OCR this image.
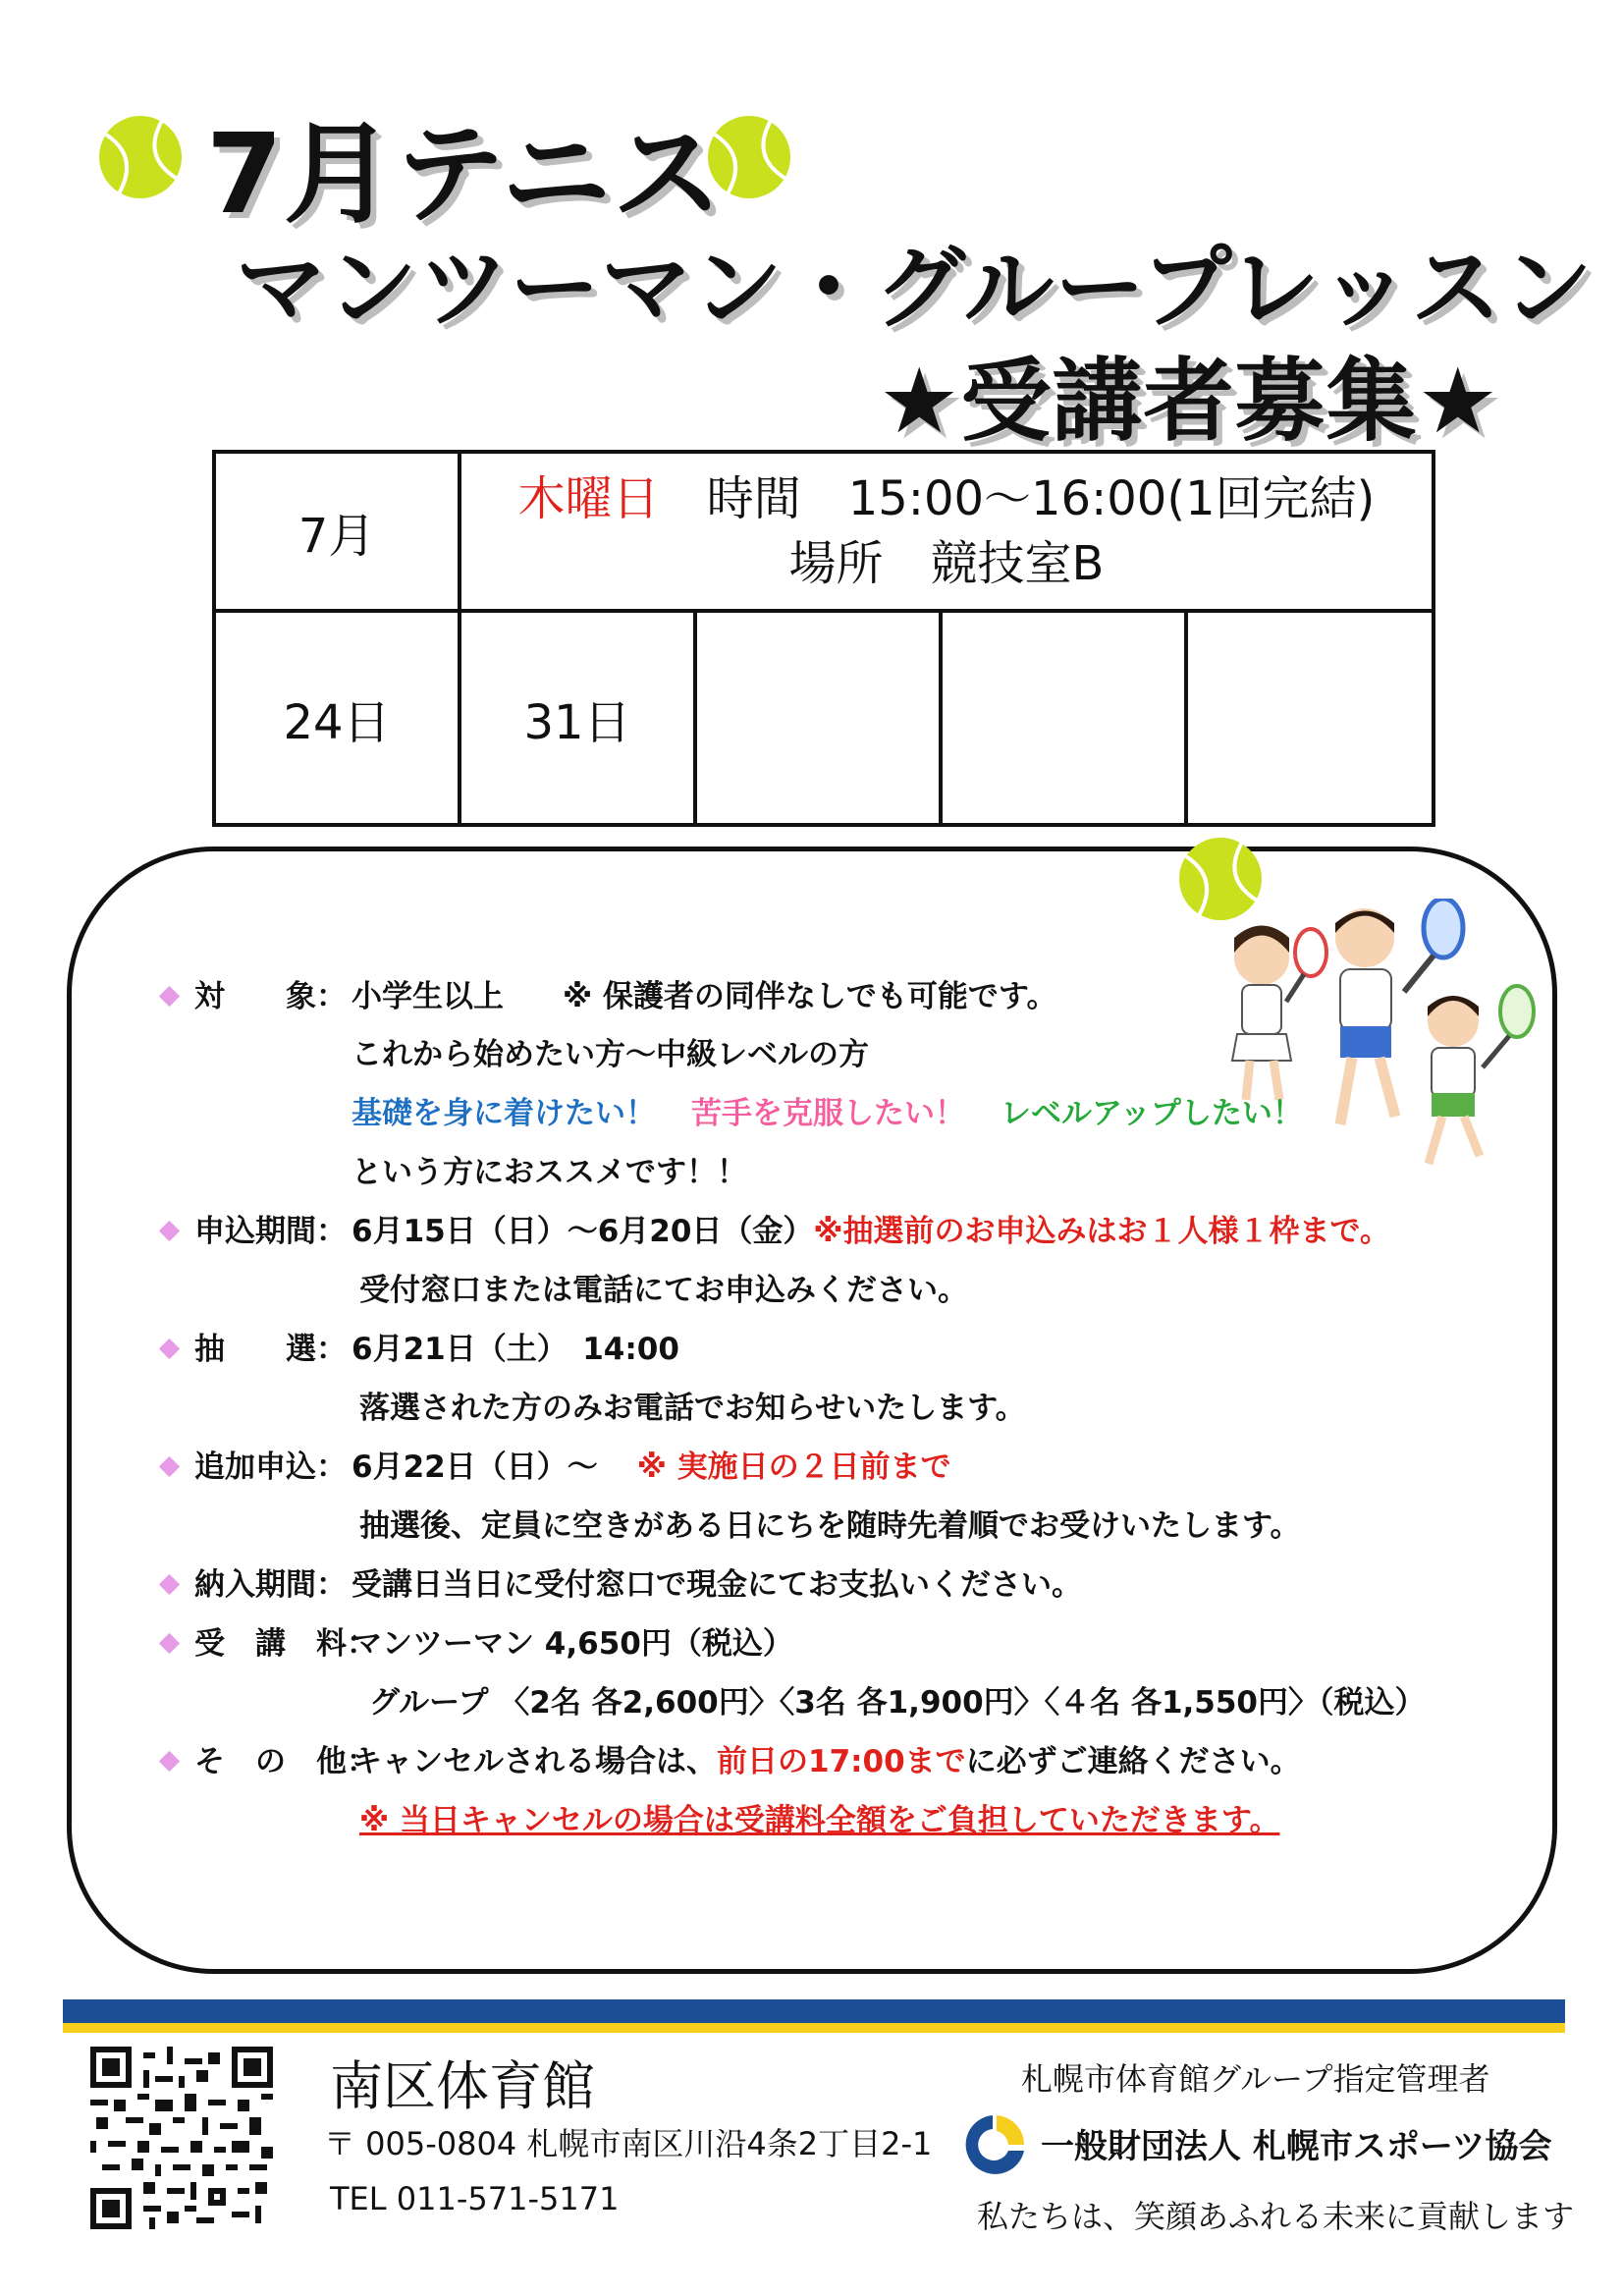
7月テニス
マンツーマン・グループレッスン
★受講者募集★
7月	木曜日　 時間　15:00～16:00(1回完結)
場所　競技室B			

24日	31日			
対　　象： 小学生以上 ※ 保護者の同伴なしでも可能です。
これから始めたい方～中級レベルの方
基礎を身に着けたい！ 苦手を克服したい！ レベルアップしたい！
という方におススメです！！
申込期間： 6月15日（日）～6月20日（金）※抽選前のお申込みはお１人様１枠まで。
受付窓口または電話にてお申込みください。
抽　　選： 6月21日（土）　14:00
落選された方のみお電話でお知らせいたします。
追加申込： 6月22日（日）～ ※ 実施日の２日前まで
抽選後、定員に空きがある日にちを随時先着順でお受けいたします。
納入期間： 受講日当日に受付窓口で現金にてお支払いください。
受　講　料：マンツーマン 4,650円（税込）
グループ 〈2名 各2,600円〉〈3名 各1,900円〉〈４名 各1,550円〉（税込）
そ　の　他：キャンセルされる場合は、前日の17:00までに必ずご連絡ください。
※ 当日キャンセルの場合は受講料全額をご負担していただきます。
南区体育館
〒 005-0804 札幌市南区川沿4条2丁目2-1
TEL 011-571-5171
札幌市体育館グループ指定管理者
一般財団法人 札幌市スポーツ協会
私たちは、笑顔あふれる未来に貢献します
